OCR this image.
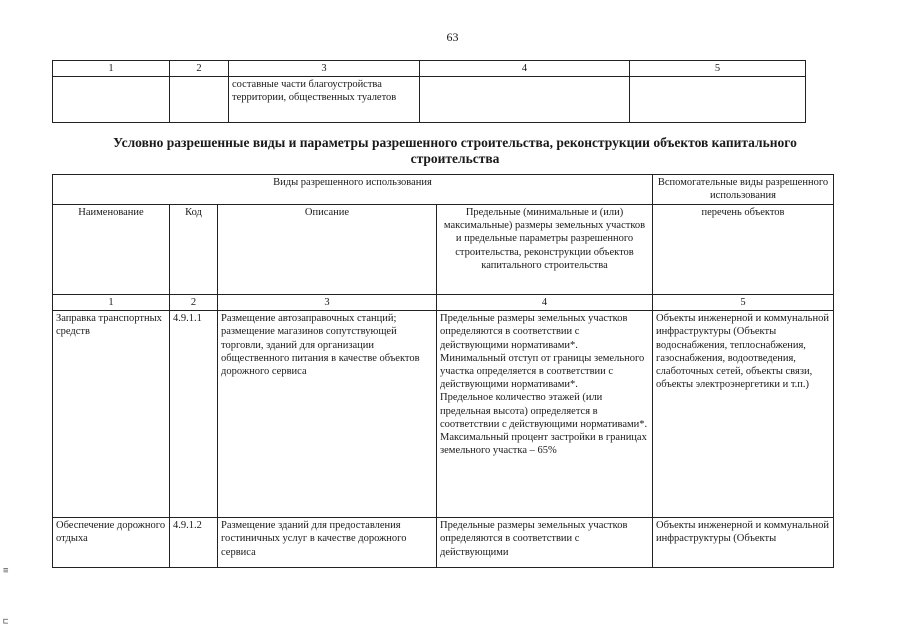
63
1	2	3	4	5
		составные части благоустройства территории, общественных туалетов		
Условно разрешенные виды и параметры разрешенного строительства, реконструкции объектов капитального строительства
Виды разрешенного использования				Вспомогательные виды разрешенного использования
Наименование	Код	Описание	Предельные (минимальные и (или) максимальные) размеры земельных участков и предельные параметры разрешенного строительства, реконструкции объектов капитального строительства	перечень объектов
1	2	3	4	5
Заправка транспортных средств	4.9.1.1	Размещение автозаправочных станций; размещение магазинов сопутствующей торговли, зданий для организации общественного питания в качестве объектов дорожного сервиса	Предельные размеры земельных участков определяются в соответствии с действующими нормативами*.
Минимальный отступ от границы земельного участка определяется в соответствии с действующими нормативами*.
Предельное количество этажей (или предельная высота) определяется в соответствии с действующими нормативами*.
Максимальный процент застройки в границах земельного участка – 65%	Объекты инженерной и коммунальной инфраструктуры (Объекты водоснабжения, теплоснабжения, газоснабжения, водоотведения, слаботочных сетей, объекты связи, объекты электроэнергетики и т.п.)
Обеспечение дорожного отдыха	4.9.1.2	Размещение зданий для предоставления гостиничных услуг в качестве дорожного сервиса	Предельные размеры земельных участков определяются в соответствии с действующими	Объекты инженерной и коммунальной инфраструктуры (Объекты
≡
⊏
